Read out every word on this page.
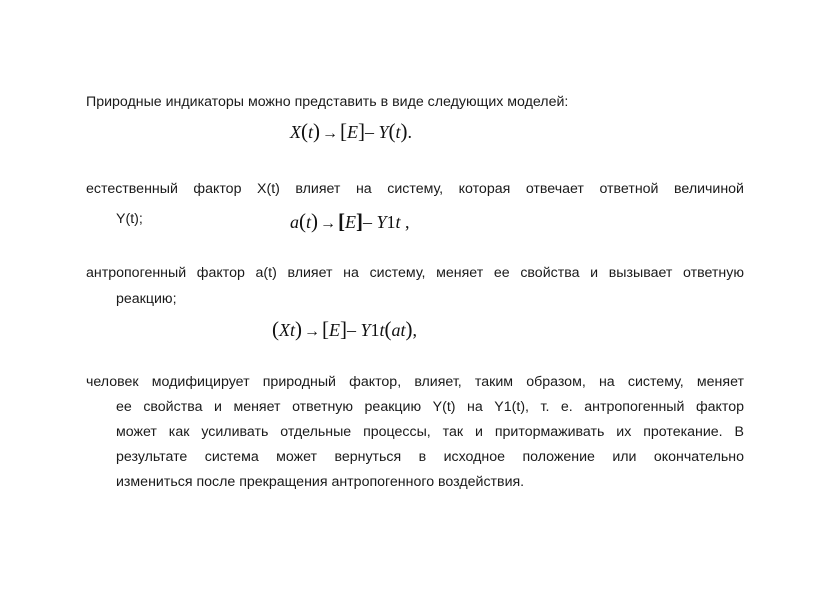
Природные индикаторы можно представить в виде следующих моделей:
X(t) →[E]– Y(t).
естественный фактор X(t) влияет на систему, которая отвечает ответной величиной
Y(t);	a(t) →[E]– Y1t ,
антропогенный фактор a(t) влияет на систему, меняет ее свойства и вызывает ответную
реакцию;
(Xt) →[E]– Y1t(at),
человек модифицирует природный фактор, влияет, таким образом, на систему, меняет
ее свойства и меняет ответную реакцию Y(t) на Y1(t), т. е. антропогенный фактор
может как усиливать отдельные процессы, так и притормаживать их протекание. В
результате система может вернуться в исходное положение или окончательно
измениться после прекращения антропогенного воздействия.
